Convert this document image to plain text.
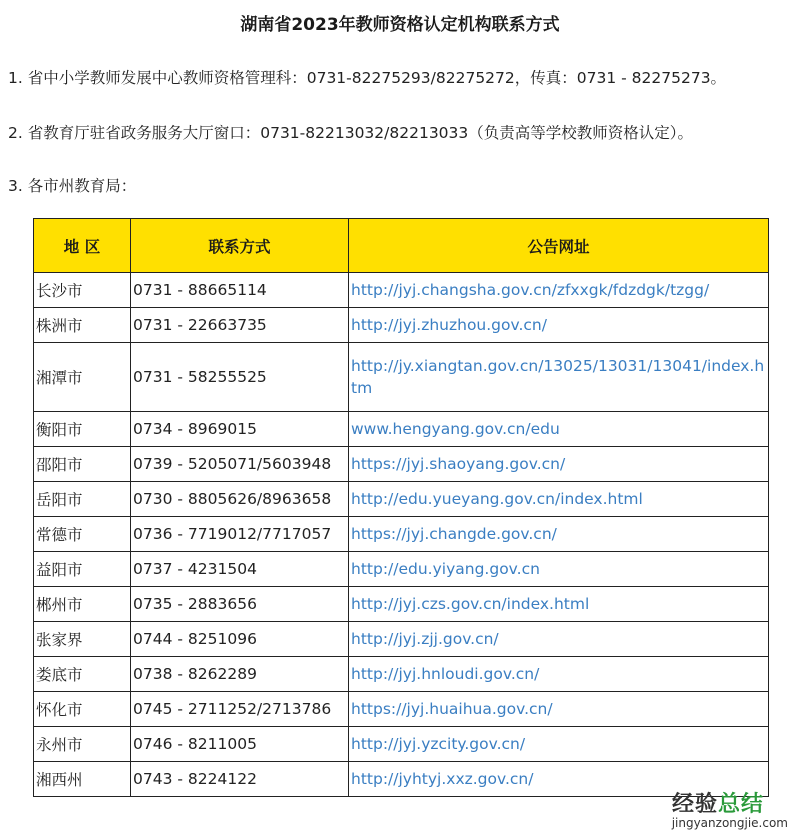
湖南省2023年教师资格认定机构联系方式
1. 省中小学教师发展中心教师资格管理科：0731-82275293/82275272，传真：0731 - 82275273。
2. 省教育厅驻省政务服务大厅窗口：0731-82213032/82213033（负责高等学校教师资格认定）。
3. 各市州教育局：
地 区	联系方式	公告网址
长沙市	0731 - 88665114	http://jyj.changsha.gov.cn/zfxxgk/fdzdgk/tzgg/
株洲市	0731 - 22663735	http://jyj.zhuzhou.gov.cn/
湘潭市	0731 - 58255525	http://jy.xiangtan.gov.cn/13025/13031/13041/index.htm
衡阳市	0734 - 8969015	www.hengyang.gov.cn/edu
邵阳市	0739 - 5205071/5603948	https://jyj.shaoyang.gov.cn/
岳阳市	0730 - 8805626/8963658	http://edu.yueyang.gov.cn/index.html
常德市	0736 - 7719012/7717057	https://jyj.changde.gov.cn/
益阳市	0737 - 4231504	http://edu.yiyang.gov.cn
郴州市	0735 - 2883656	http://jyj.czs.gov.cn/index.html
张家界	0744 - 8251096	http://jyj.zjj.gov.cn/
娄底市	0738 - 8262289	http://jyj.hnloudi.gov.cn/
怀化市	0745 - 2711252/2713786	https://jyj.huaihua.gov.cn/
永州市	0746 - 8211005	http://jyj.yzcity.gov.cn/
湘西州	0743 - 8224122	http://jyhtyj.xxz.gov.cn/
经验总结
jingyanzongjie.com
